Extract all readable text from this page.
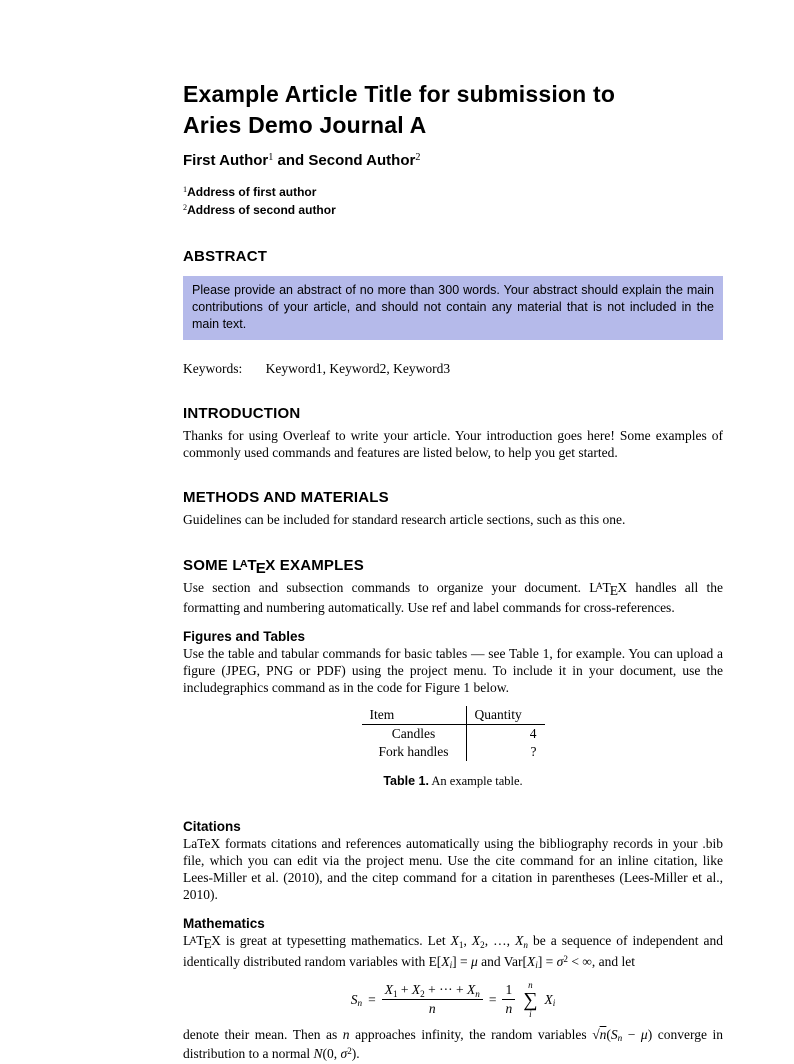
Example Article Title for submission to
Aries Demo Journal A
First Author$^1$ and Second Author$^2$
$^1$Address of first author
$^2$Address of second author
ABSTRACT
Please provide an abstract of no more than 300 words. Your abstract should explain the main contributions of your article, and should not contain any material that is not included in the main text.
Keywords: Keyword1, Keyword2, Keyword3
INTRODUCTION

Thanks for using Overleaf to write your article. Your introduction goes here! Some examples of commonly used commands and features are listed below, to help you get started.

METHODS AND MATERIALS

Guidelines can be included for standard research article sections, such as this one.

SOME LATEX EXAMPLES

Use section and subsection commands to organize your document. LATEX handles all the formatting and numbering automatically. Use ref and label commands for cross-references.

Figures and Tables

Use the table and tabular commands for basic tables — see Table 1, for example. You can upload a figure (JPEG, PNG or PDF) using the project menu. To include it in your document, use the includegraphics command as in the code for Figure 1 below.

Item	Quantity
Candles	4
Fork handles	?
Table 1. An example table.
Citations

LaTeX formats citations and references automatically using the bibliography records in your .bib file, which you can edit via the project menu. Use the cite command for an inline citation, like Lees-Miller et al. (2010), and the citep command for a citation in parentheses (Lees-Miller et al., 2010).

Mathematics

LATEX is great at typesetting mathematics. Let X1, X2, …, Xn be a sequence of independent and identically distributed random variables with E[Xi] = μ and $Var[Xi] = \sigma^2$ < ∞, and let

$Sn = \frac{X1 + X2 + \cdot\cdot\cdot + Xn}{n} = \frac{1}{n}$ n
∑
i
Xi

denote their mean. Then as n approaches infinity, the random variables √n(Sn − μ) converge in distribution to a normal N(0, $\sigma^2$).
